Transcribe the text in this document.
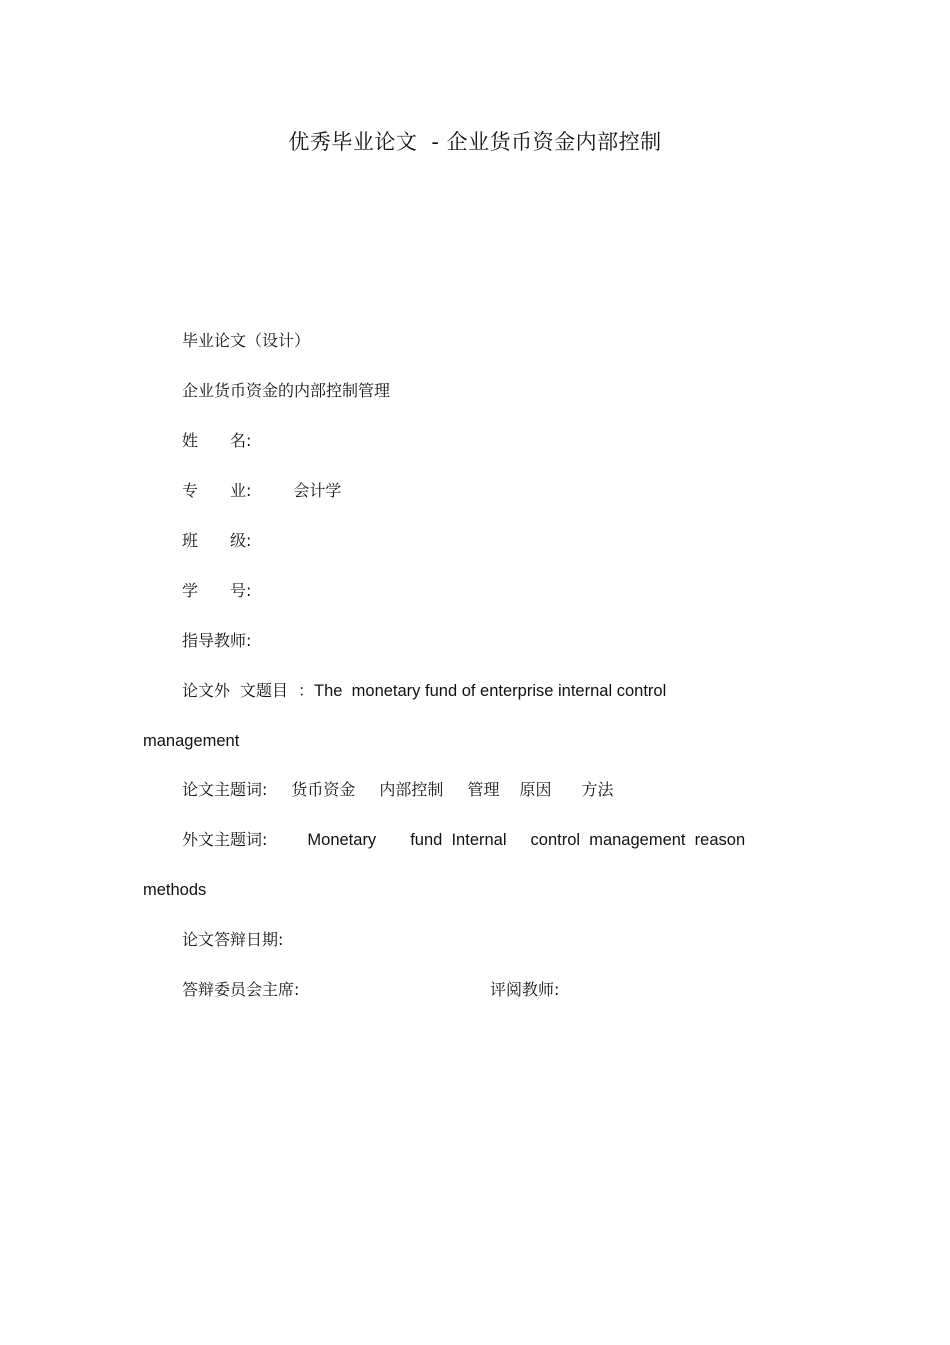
优秀毕业论文 - 企业货币资金内部控制
毕业论文（设计）
企业货币资金的内部控制管理
姓 名:
专 业:	会计学
班 级:
学 号:
指导教师:
论文外 文题目 ：The  monetary fund of enterprise internal control
management
论文主题词: 货币资金 内部控制 管理 原因 方法
外文主题词: Monetary fund  Internal control  management  reason
methods
论文答辩日期:
答辩委员会主席:	评阅教师:
